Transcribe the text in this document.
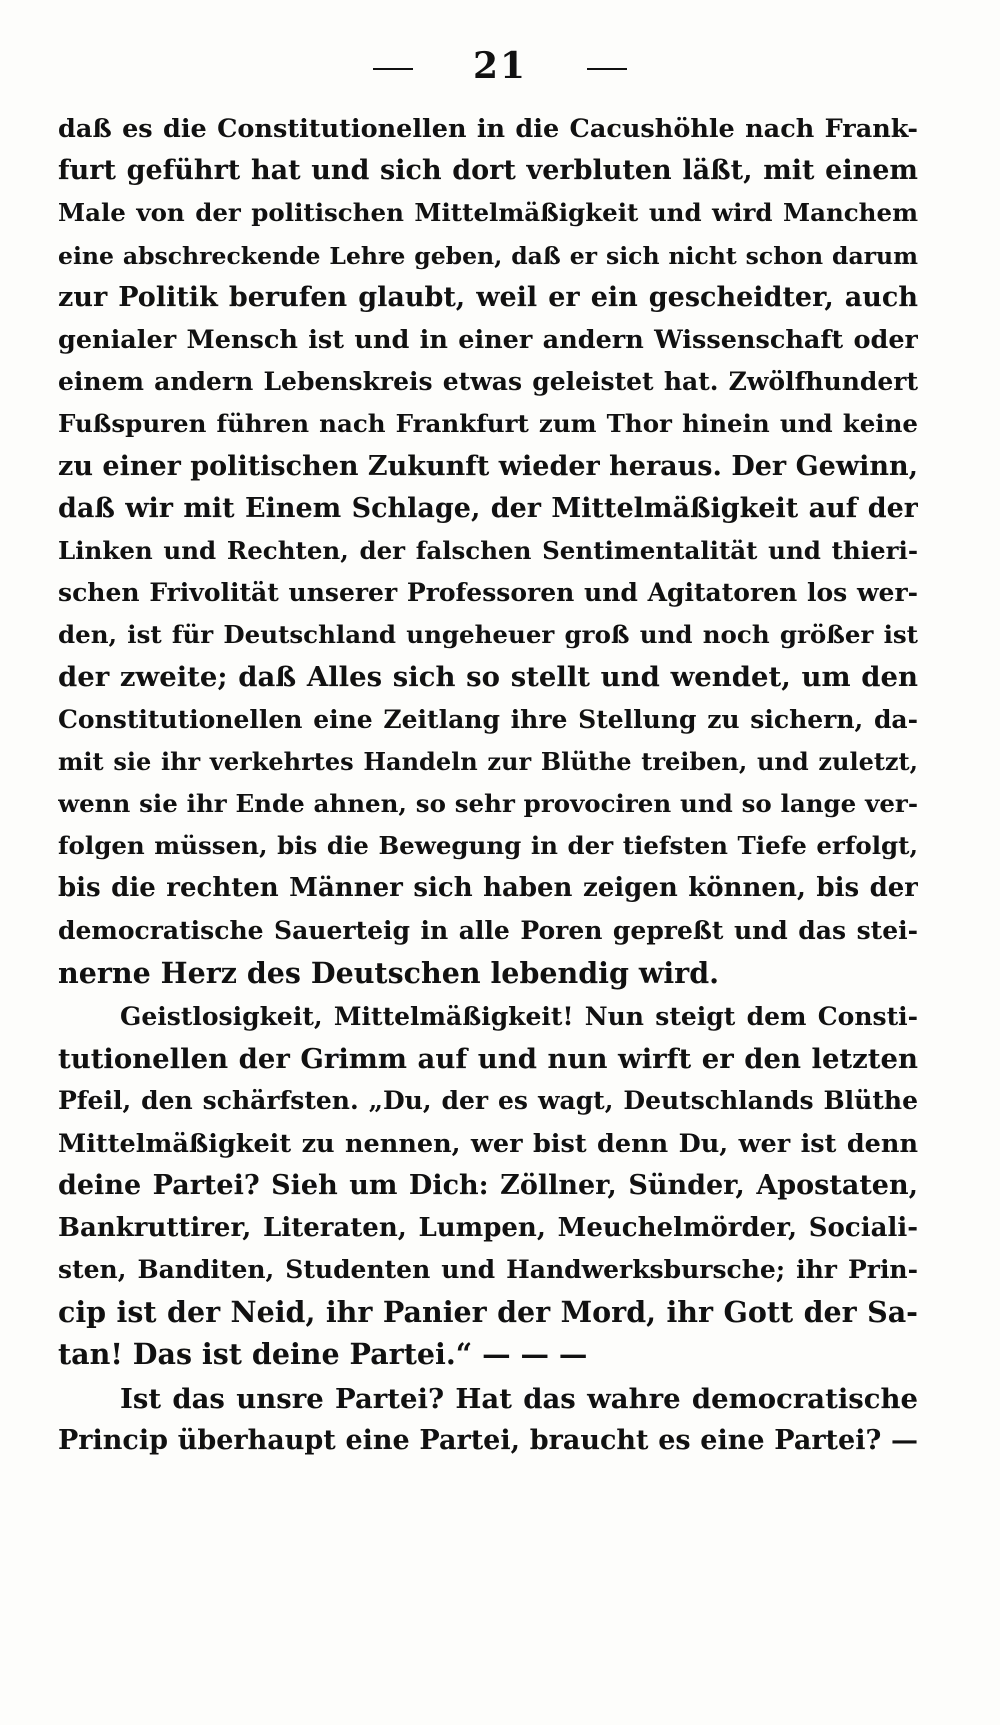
21
daß es die Constitutionellen in die Cacushöhle nach Frank-
furt geführt hat und sich dort verbluten läßt, mit einem
Male von der politischen Mittelmäßigkeit und wird Manchem
eine abschreckende Lehre geben, daß er sich nicht schon darum
zur Politik berufen glaubt, weil er ein gescheidter, auch
genialer Mensch ist und in einer andern Wissenschaft oder
einem andern Lebenskreis etwas geleistet hat. Zwölfhundert
Fußspuren führen nach Frankfurt zum Thor hinein und keine
zu einer politischen Zukunft wieder heraus. Der Gewinn,
daß wir mit Einem Schlage, der Mittelmäßigkeit auf der
Linken und Rechten, der falschen Sentimentalität und thieri-
schen Frivolität unserer Professoren und Agitatoren los wer-
den, ist für Deutschland ungeheuer groß und noch größer ist
der zweite; daß Alles sich so stellt und wendet, um den
Constitutionellen eine Zeitlang ihre Stellung zu sichern, da-
mit sie ihr verkehrtes Handeln zur Blüthe treiben, und zuletzt,
wenn sie ihr Ende ahnen, so sehr provociren und so lange ver-
folgen müssen, bis die Bewegung in der tiefsten Tiefe erfolgt,
bis die rechten Männer sich haben zeigen können, bis der
democratische Sauerteig in alle Poren gepreßt und das stei-
nerne Herz des Deutschen lebendig wird.
Geistlosigkeit, Mittelmäßigkeit! Nun steigt dem Consti-
tutionellen der Grimm auf und nun wirft er den letzten
Pfeil, den schärfsten. „Du, der es wagt, Deutschlands Blüthe
Mittelmäßigkeit zu nennen, wer bist denn Du, wer ist denn
deine Partei? Sieh um Dich: Zöllner, Sünder, Apostaten,
Bankruttirer, Literaten, Lumpen, Meuchelmörder, Sociali-
sten, Banditen, Studenten und Handwerksbursche; ihr Prin-
cip ist der Neid, ihr Panier der Mord, ihr Gott der Sa-
tan! Das ist deine Partei.“ — — —
Ist das unsre Partei? Hat das wahre democratische
Princip überhaupt eine Partei, braucht es eine Partei? —
